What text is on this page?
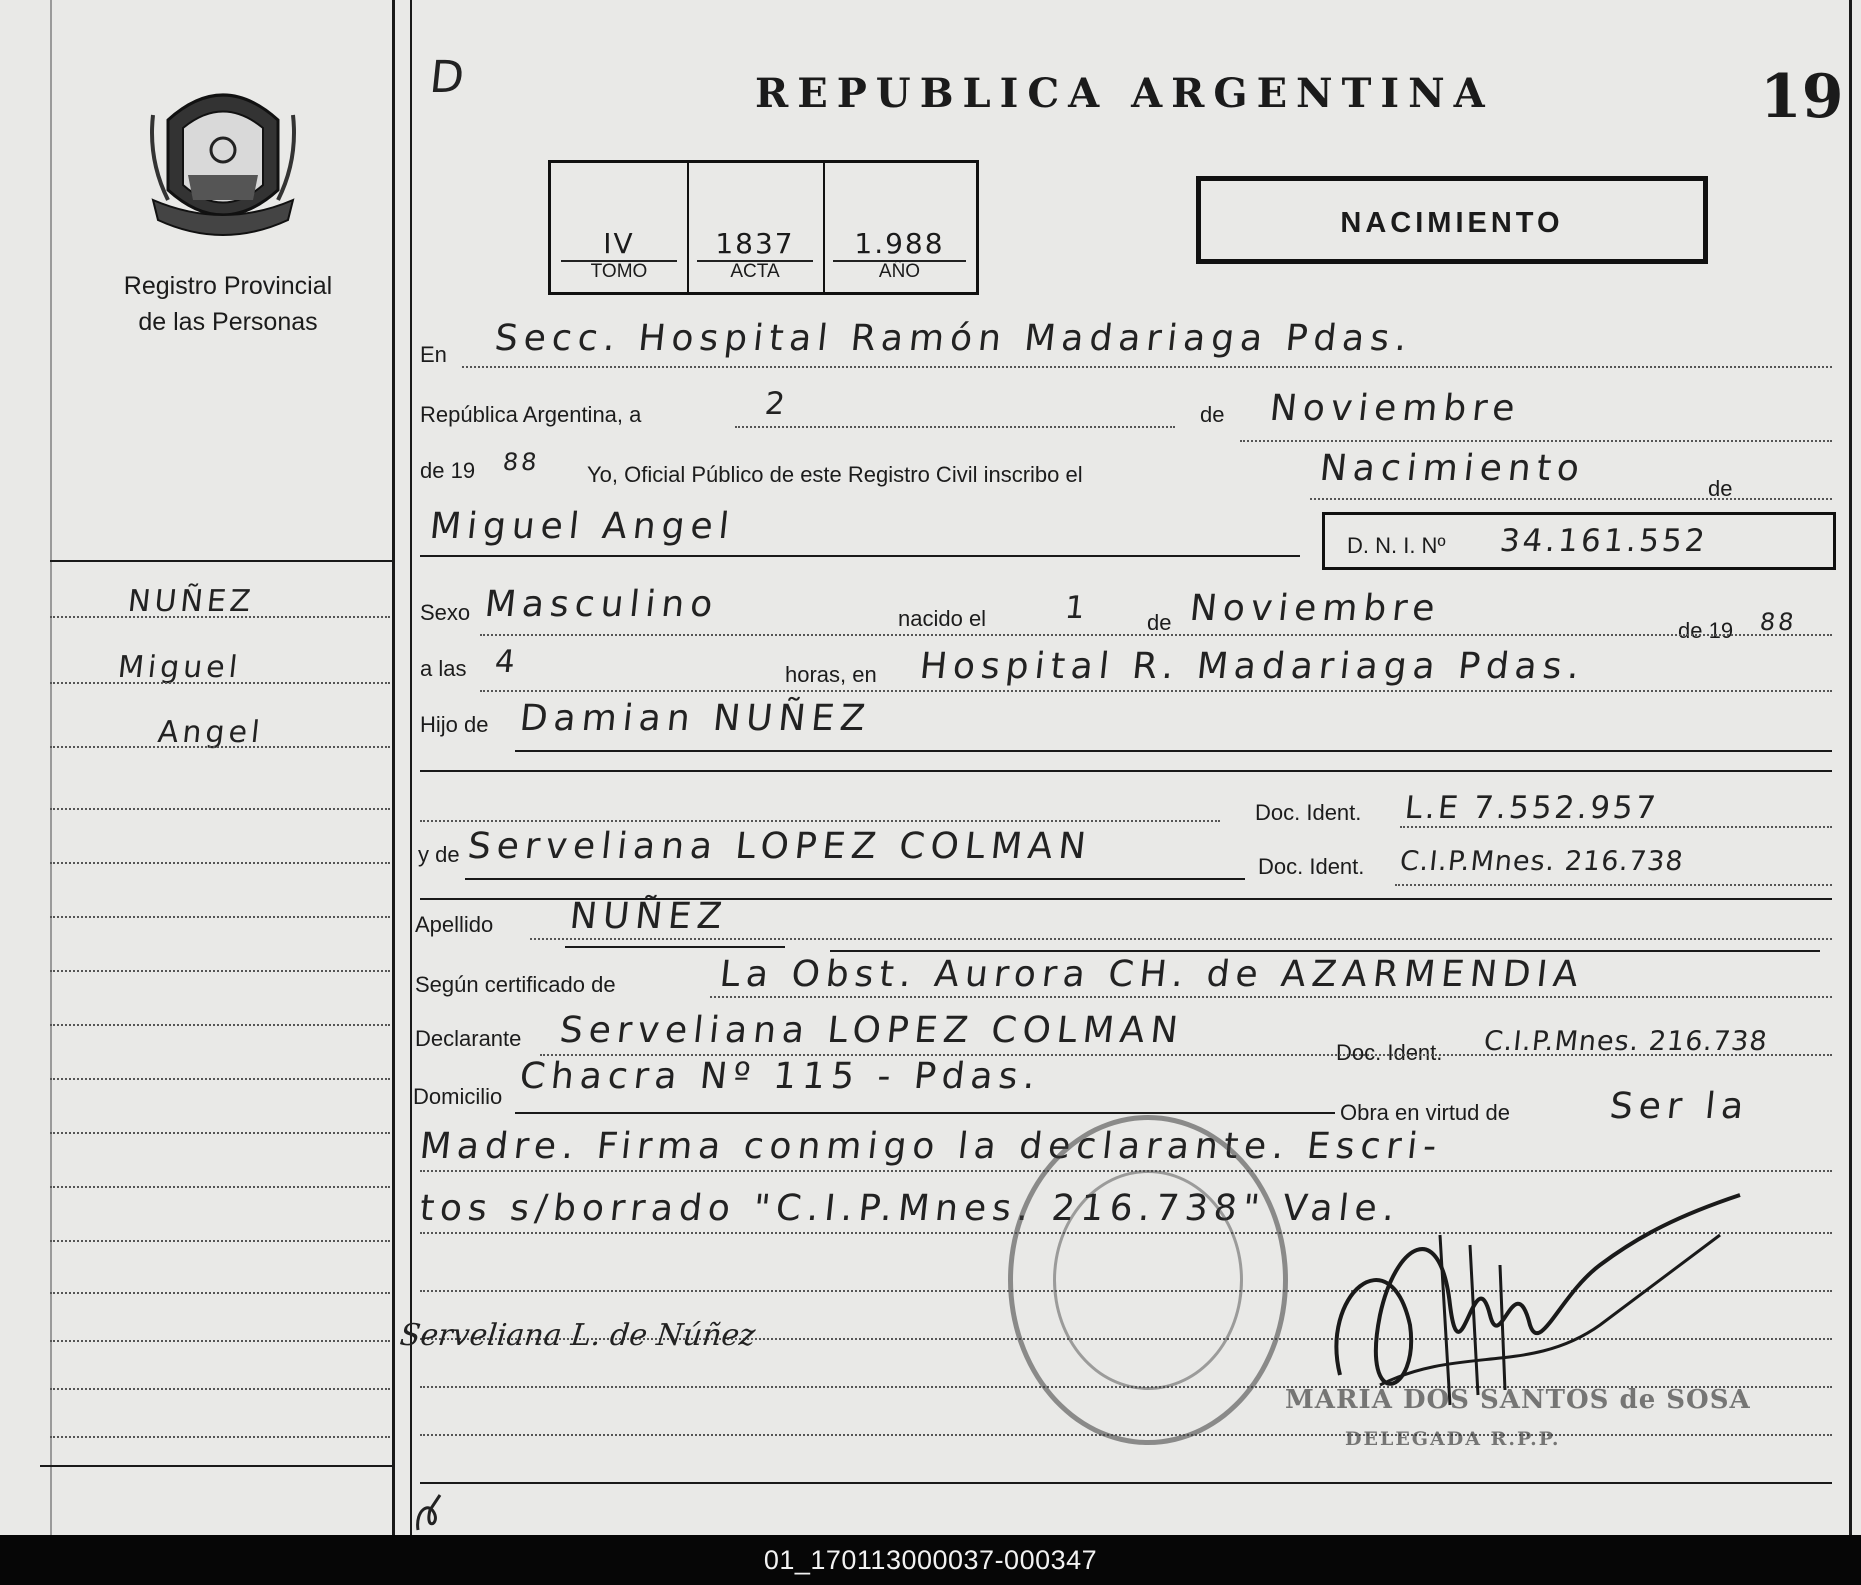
Registro Provincial
de las Personas
NUÑEZ
Miguel
Angel
D	REPUBLICA ARGENTINA	19
IV
TOMO
1837
ACTA
1.988
AÑO
NACIMIENTO
En Secc. Hospital Ramón Madariaga Pdas.
República Argentina, a	2	de Noviembre
de 19 88 Yo, Oficial Público de este Registro Civil inscribo el	Nacimiento	de
Miguel Angel	D. N. I. Nº 34.161.552
Sexo Masculino	nacido el 1	de Noviembre
de 19 88
a las 4	horas, en Hospital R. Madariaga Pdas.
Hijo de Damian NUÑEZ
Doc. Ident. L.E 7.552.957
y de Serveliana LOPEZ COLMAN	Doc. Ident. C.I.P.Mnes. 216.738
Apellido NUÑEZ
Según certificado de	La Obst. Aurora CH. de AZARMENDIA
Declarante Serveliana LOPEZ COLMAN
Doc. Ident. C.I.P.Mnes. 216.738
Domicilio Chacra Nº 115 - Pdas.
Obra en virtud de	Ser la
Madre. Firma conmigo la declarante. Escri-
tos s/borrado "C.I.P.Mnes. 216.738" Vale.
Serveliana L. de Núñez
MARIA DOS SANTOS de SOSA
DELEGADA R.P.P.
01_170113000037-000347
